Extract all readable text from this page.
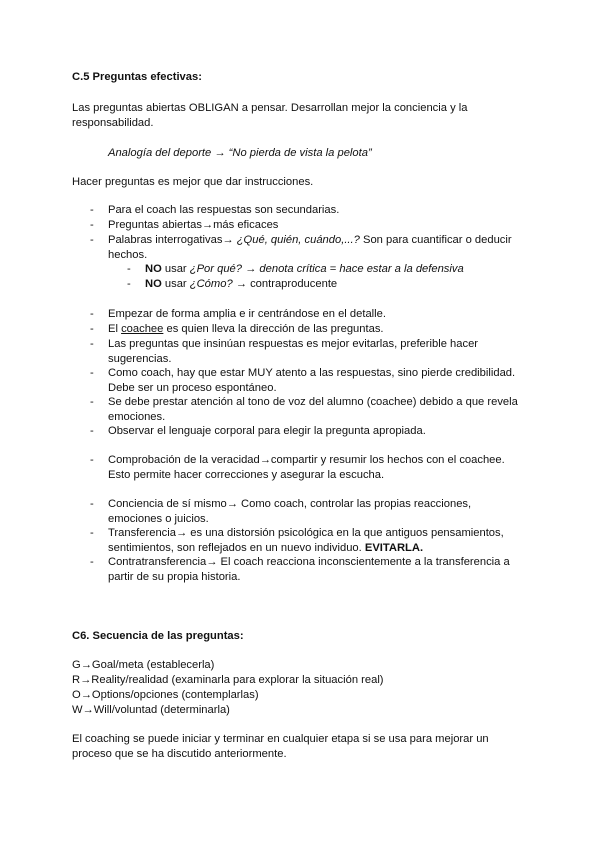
C.5 Preguntas efectivas:
Las preguntas abiertas OBLIGAN a pensar. Desarrollan mejor la conciencia y la responsabilidad.
Analogía del deporte → “No pierda de vista la pelota”
Hacer preguntas es mejor que dar instrucciones.
- Para el coach las respuestas son secundarias.
- Preguntas abiertas→más eficaces
- Palabras interrogativas→ ¿Qué, quién, cuándo,...? Son para cuantificar o deducir hechos.
- NO usar ¿Por qué? → denota crítica = hace estar a la defensiva
- NO usar ¿Cómo? → contraproducente
- Empezar de forma amplia e ir centrándose en el detalle.
- El coachee es quien lleva la dirección de las preguntas.
- Las preguntas que insinúan respuestas es mejor evitarlas, preferible hacer sugerencias.
- Como coach, hay que estar MUY atento a las respuestas, sino pierde credibilidad. Debe ser un proceso espontáneo.
- Se debe prestar atención al tono de voz del alumno (coachee) debido a que revela emociones.
- Observar el lenguaje corporal para elegir la pregunta apropiada.
- Comprobación de la veracidad→compartir y resumir los hechos con el coachee. Esto permite hacer correcciones y asegurar la escucha.
- Conciencia de sí mismo→ Como coach, controlar las propias reacciones, emociones o juicios.
- Transferencia→ es una distorsión psicológica en la que antiguos pensamientos, sentimientos, son reflejados en un nuevo individuo. EVITARLA.
- Contratransferencia→ El coach reacciona inconscientemente a la transferencia a partir de su propia historia.
C6. Secuencia de las preguntas:
G→Goal/meta (establecerla)
R→Reality/realidad (examinarla para explorar la situación real)
O→Options/opciones (contemplarlas)
W→Will/voluntad (determinarla)
El coaching se puede iniciar y terminar en cualquier etapa si se usa para mejorar un proceso que se ha discutido anteriormente.
